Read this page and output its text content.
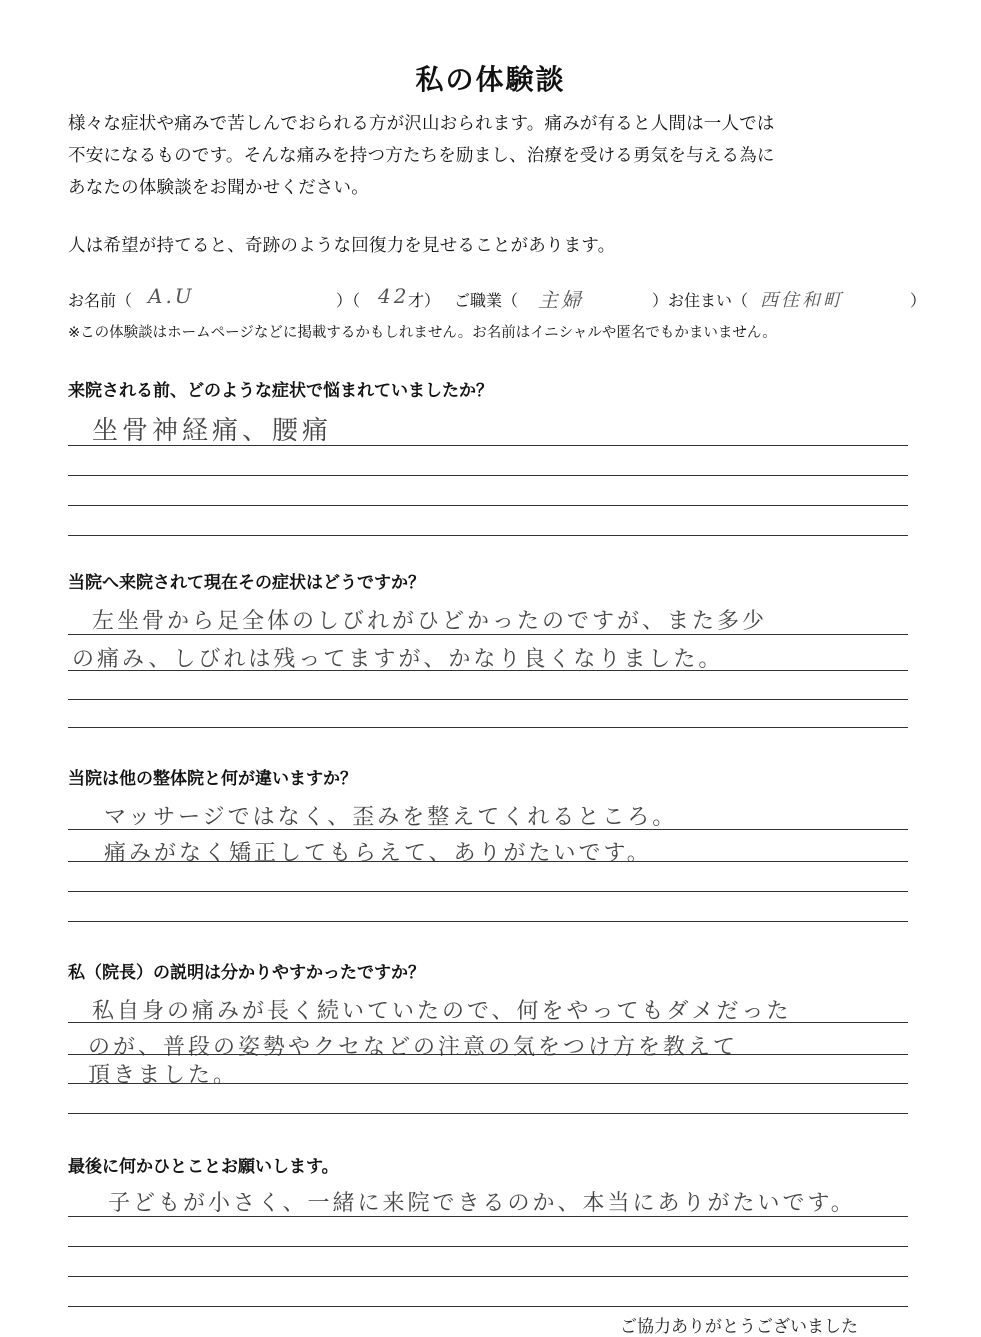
私の体験談
様々な症状や痛みで苦しんでおられる方が沢山おられます。痛みが有ると人間は一人では
不安になるものです。そんな痛みを持つ方たちを励まし、治療を受ける勇気を与える為に
あなたの体験談をお聞かせください。
人は希望が持てると、奇跡のような回復力を見せることがあります。
お名前（ A.U	）（ 42
才） ご職業（ 主婦	）お住まい（ 西住和町	）
※この体験談はホームページなどに掲載するかもしれません。お名前はイニシャルや匿名でもかまいません。
来院される前、どのような症状で悩まれていましたか？
坐骨神経痛、腰痛
当院へ来院されて現在その症状はどうですか？
左坐骨から足全体のしびれがひどかったのですが、また多少
の痛み、しびれは残ってますが、かなり良くなりました。
当院は他の整体院と何が違いますか？
マッサージではなく、歪みを整えてくれるところ。
痛みがなく矯正してもらえて、ありがたいです。
私（院長）の説明は分かりやすかったですか？
私自身の痛みが長く続いていたので、何をやってもダメだった
のが、普段の姿勢やクセなどの注意の気をつけ方を教えて
頂きました。
最後に何かひとことお願いします。
子どもが小さく、一緒に来院できるのか、本当にありがたいです。
ご協力ありがとうございました
